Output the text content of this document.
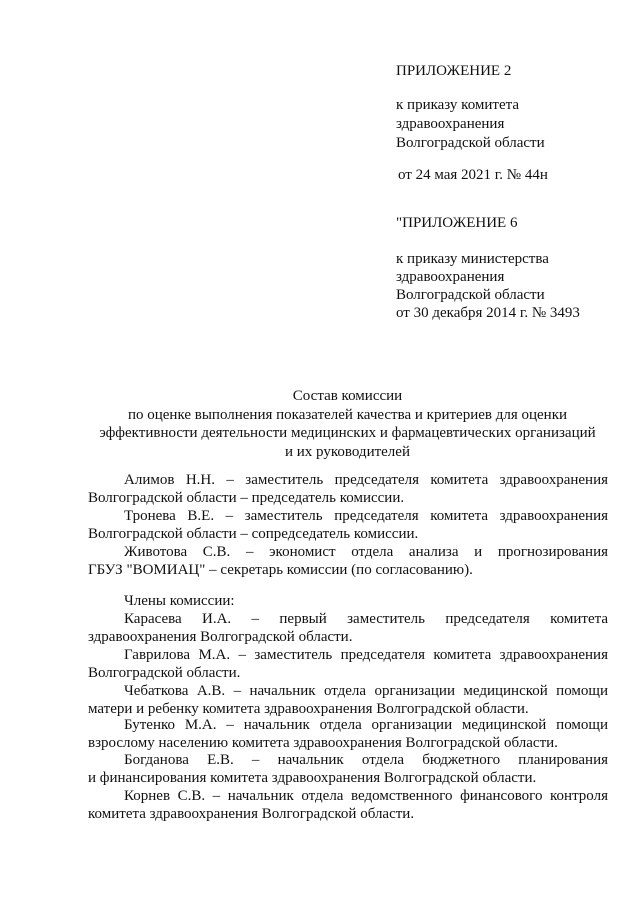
ПРИЛОЖЕНИЕ 2
к приказу комитета
здравоохранения
Волгоградской области
от 24 мая 2021 г. № 44н
"ПРИЛОЖЕНИЕ 6
к приказу министерства
здравоохранения
Волгоградской области
от 30 декабря 2014 г. № 3493
Состав комиссии
по оценке выполнения показателей качества и критериев для оценки
эффективности деятельности медицинских и фармацевтических организаций
и их руководителей
Алимов Н.Н. – заместитель председателя комитета здравоохранения
Волгоградской области – председатель комиссии.
Тронева В.Е. – заместитель председателя комитета здравоохранения
Волгоградской области – сопредседатель комиссии.
Животова С.В. – экономист отдела анализа и прогнозирования
ГБУЗ "ВОМИАЦ" – секретарь комиссии (по согласованию).
Члены комиссии:
Карасева И.А. – первый заместитель председателя комитета
здравоохранения Волгоградской области.
Гаврилова М.А. – заместитель председателя комитета здравоохранения
Волгоградской области.
Чебаткова А.В. – начальник отдела организации медицинской помощи
матери и ребенку комитета здравоохранения Волгоградской области.
Бутенко М.А. – начальник отдела организации медицинской помощи
взрослому населению комитета здравоохранения Волгоградской области.
Богданова Е.В. – начальник отдела бюджетного планирования
и финансирования комитета здравоохранения Волгоградской области.
Корнев С.В. – начальник отдела ведомственного финансового контроля
комитета здравоохранения Волгоградской области.
